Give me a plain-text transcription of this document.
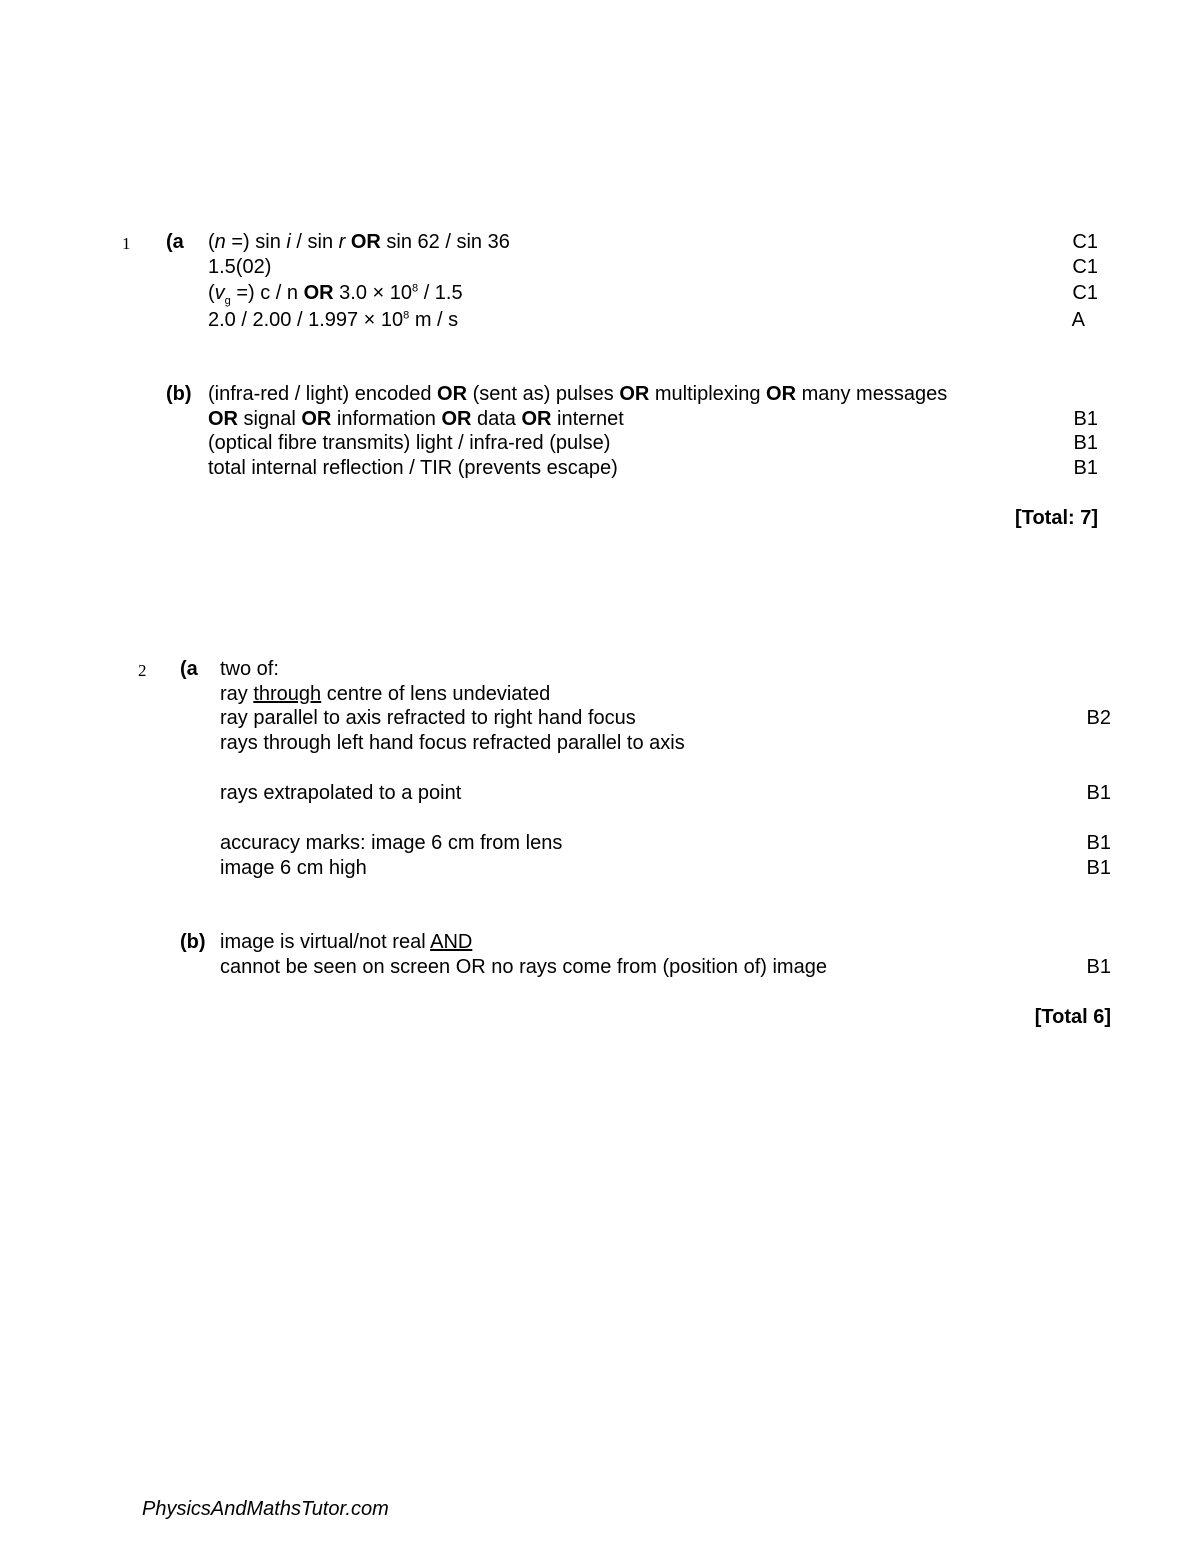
1 (a (n =) sin i / sin r OR sin 62 / sin 36
1.5(02)
($v_g$ =) c / n OR $3.0 \times 10^8 / 1.5$
$2.0 / 2.00 / 1.997 \times 10^8$ m / s
C1
C1
C1
A
(b) (infra-red / light) encoded OR (sent as) pulses OR multiplexing OR many messages
OR signal OR information OR data OR internet
(optical fibre transmits) light / infra-red (pulse)
total internal reflection / TIR (prevents escape)
B1
B1
B1
[Total: 7]
2 (a two of:
ray through centre of lens undeviated
ray parallel to axis refracted to right hand focus
rays through left hand focus refracted parallel to axis
rays extrapolated to a point
accuracy marks: image 6 cm from lens
image 6 cm high
B2
B1
B1
B1
(b) image is virtual/not real AND
cannot be seen on screen OR no rays come from (position of) image	B1
[Total 6]
PhysicsAndMathsTutor.com
